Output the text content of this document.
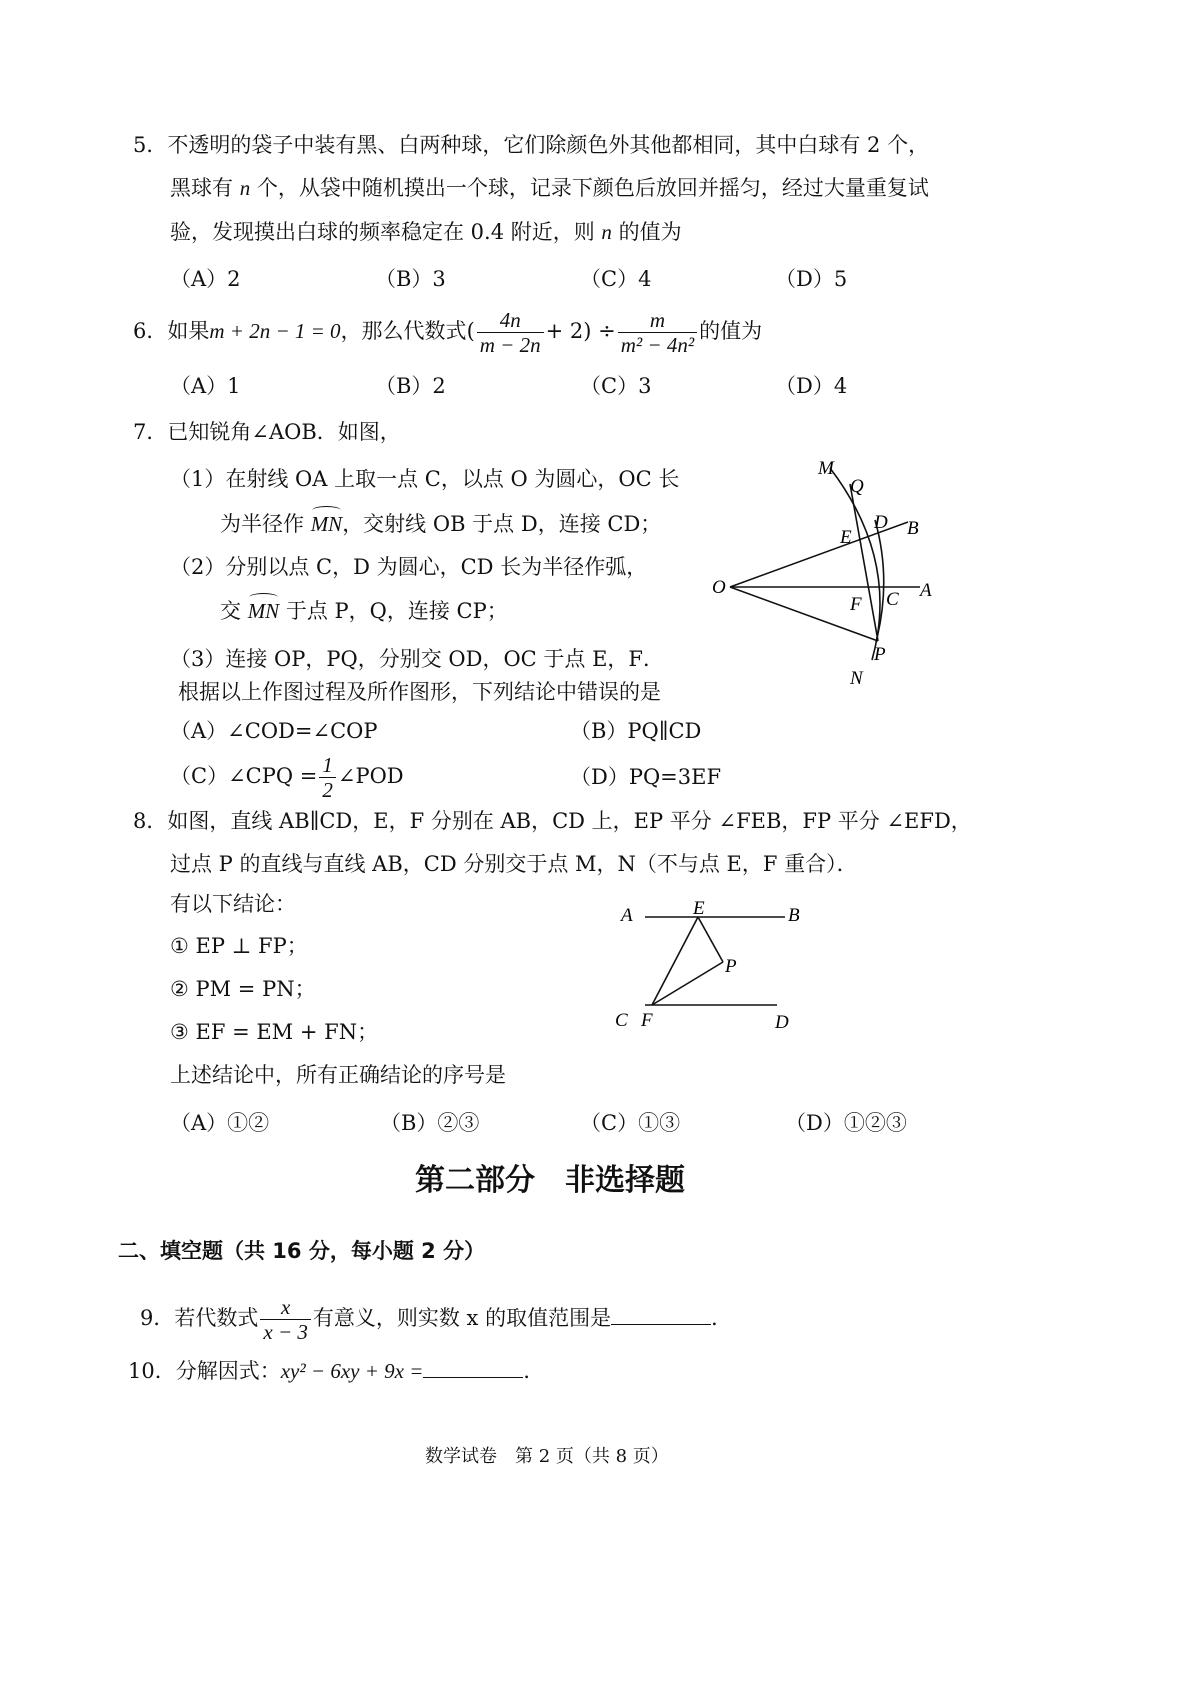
5．不透明的袋子中装有黑、白两种球，它们除颜色外其他都相同，其中白球有 2 个，
黑球有 n 个，从袋中随机摸出一个球，记录下颜色后放回并摇匀，经过大量重复试
验，发现摸出白球的频率稳定在 0.4 附近，则 n 的值为
（A）2	（B）3	（C）4	（D）5
6．如果m + 2n − 1 = 0，那么代数式( $\frac{4n}{m - 2n} + 2) \div \frac{m}{\text{m² − 4n²}}$ 的值为
（A）1	（B）2	（C）3	（D）4
7．已知锐角∠AOB．如图，
（1）在射线 OA 上取一点 C，以点 O 为圆心，OC 长
为半径作 MN，交射线 OB 于点 D，连接 CD；
（2）分别以点 C，D 为圆心，CD 长为半径作弧，
交 MN 于点 P，Q，连接 CP；
（3）连接 OP，PQ，分别交 OD，OC 于点 E，F．
根据以上作图过程及所作图形，下列结论中错误的是
（A）∠COD=∠COP	（B）PQ∥CD
（C）∠CPQ = $\frac{1}{2}$ ∠POD	（D）PQ=3EF
M
Q
D B
E
O
F C A
P
N
8．如图，直线 AB∥CD，E，F 分别在 AB，CD 上，EP 平分 ∠FEB，FP 平分 ∠EFD，
过点 P 的直线与直线 AB，CD 分别交于点 M，N（不与点 E，F 重合）．
有以下结论：
① EP ⊥ FP；
② PM = PN；
③ EF = EM + FN；
上述结论中，所有正确结论的序号是
（A）①②	（B）②③	（C）①③	（D）①②③
A	E	B
P
C F	D
第二部分　非选择题
二、填空题（共 16 分，每小题 2 分）
9．若代数式 $\frac{x}{x - 3}$ 有意义，则实数 x 的取值范围是	．
10．分解因式：xy² − 6xy + 9x =	．
数学试卷　第 2 页（共 8 页）
